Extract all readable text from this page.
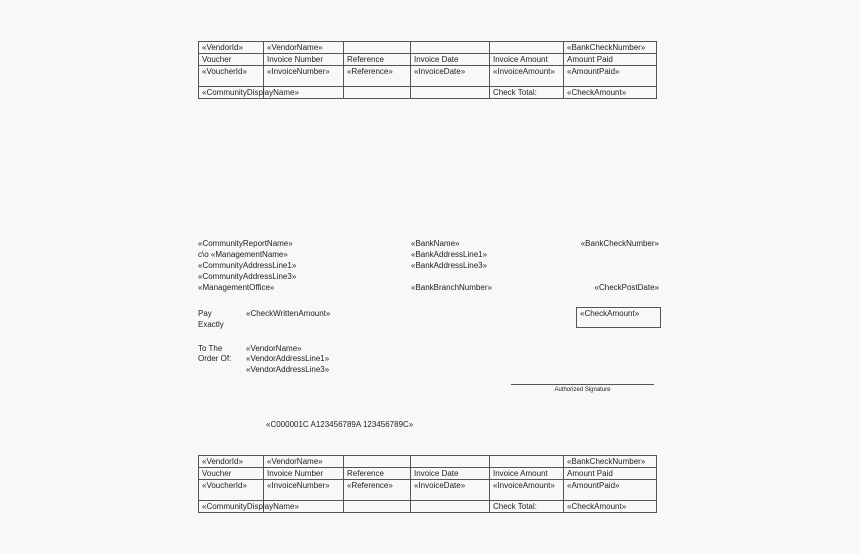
«VendorId»	«VendorName»				«BankCheckNumber»
Voucher	Invoice Number	Reference	Invoice Date	Invoice Amount	Amount Paid
«VoucherId»	«InvoiceNumber»	«Reference»	«InvoiceDate»	«InvoiceAmount»	«AmountPaid»
«CommunityDisplayName»				Check Total:	«CheckAmount»
«CommunityReportName»
c\o «ManagementName»
«CommunityAddressLine1»
«CommunityAddressLine3»
«ManagementOffice»
«BankName»
«BankAddressLine1»
«BankAddressLine3»
«BankBranchNumber»
«BankCheckNumber»
«CheckPostDate»
Pay
Exactly
«CheckWrittenAmount»	«CheckAmount»
To The
Order Of:
«VendorName»
«VendorAddressLine1»
«VendorAddressLine3»
Authorized Signature
«C000001C A123456789A 123456789C»
«VendorId»	«VendorName»				«BankCheckNumber»
Voucher	Invoice Number	Reference	Invoice Date	Invoice Amount	Amount Paid
«VoucherId»	«InvoiceNumber»	«Reference»	«InvoiceDate»	«InvoiceAmount»	«AmountPaid»
«CommunityDisplayName»				Check Total:	«CheckAmount»
